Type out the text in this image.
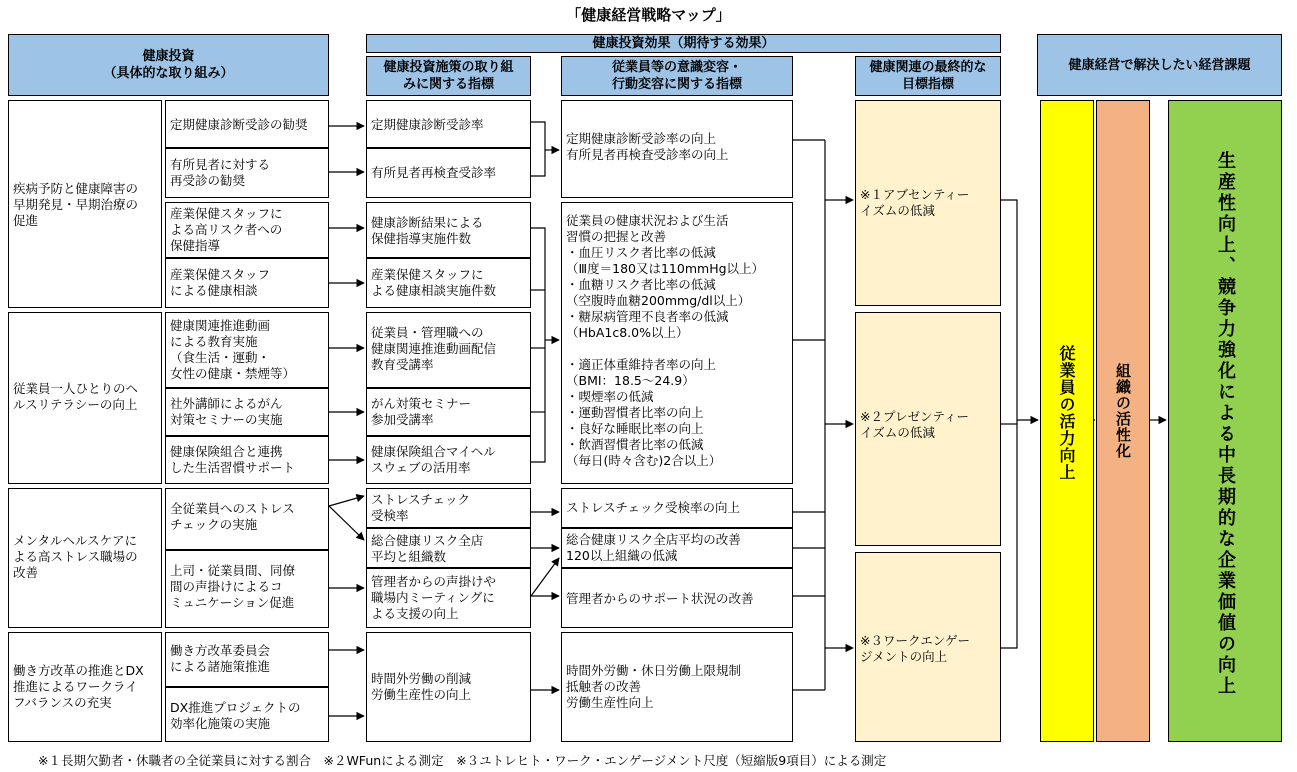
「健康経営戦略マップ」
健康投資
（具体的な取り組み）
健康投資効果（期待する効果）
健康投資施策の取り組
みに関する指標
従業員等の意識変容・
行動変容に関する指標
健康関連の最終的な
目標指標
健康経営で解決したい経営課題
疾病予防と健康障害の
早期発見・早期治療の
促進
従業員一人ひとりのヘ
ルスリテラシーの向上
メンタルヘルスケアに
よる高ストレス職場の
改善
働き方改革の推進とDX
推進によるワークライ
フバランスの充実
定期健康診断受診の勧奨
有所見者に対する
再受診の勧奨
産業保健スタッフに
よる高リスク者への
保健指導
産業保健スタッフ
による健康相談
健康関連推進動画
による教育実施
（食生活・運動・
女性の健康・禁煙等）
社外講師によるがん
対策セミナーの実施
健康保険組合と連携
した生活習慣サポート
全従業員へのストレス
チェックの実施
上司・従業員間、同僚
間の声掛けによるコ
ミュニケーション促進
働き方改革委員会
による諸施策推進
DX推進プロジェクトの
効率化施策の実施
定期健康診断受診率
有所見者再検査受診率
健康診断結果による
保健指導実施件数
産業保健スタッフに
よる健康相談実施件数
従業員・管理職への
健康関連推進動画配信
教育受講率
がん対策セミナー
参加受講率
健康保険組合マイヘル
スウェブの活用率
ストレスチェック
受検率
総合健康リスク全店
平均と組織数
管理者からの声掛けや
職場内ミーティングに
よる支援の向上
時間外労働の削減
労働生産性の向上
定期健康診断受診率の向上
有所見者再検査受診率の向上
従業員の健康状況および生活
習慣の把握と改善
・血圧リスク者比率の低減
（Ⅲ度＝180又は110mmHg以上）
・血糖リスク者比率の低減
（空腹時血糖200mmg/dl以上）
・糖尿病管理不良者率の低減
（HbA1c8.0%以上）

・適正体重維持者率の向上
（BMI：18.5～24.9）
・喫煙率の低減
・運動習慣者比率の向上
・良好な睡眠比率の向上
・飲酒習慣者比率の低減
（毎日(時々含む)2合以上）
ストレスチェック受検率の向上
総合健康リスク全店平均の改善
120以上組織の低減
管理者からのサポート状況の改善
時間外労働・休日労働上限規制
抵触者の改善
労働生産性向上
※１アブセンティー
イズムの低減
※２プレゼンティー
イズムの低減
※３ワークエンゲー
ジメントの向上
従業員の活力向上	組織の活性化	生産性向上、競争力強化による中長期的な企業価値の向上
※１長期欠勤者・休職者の全従業員に対する割合　※２WFunによる測定　※３ユトレヒト・ワーク・エンゲージメント尺度（短縮版9項目）による測定
